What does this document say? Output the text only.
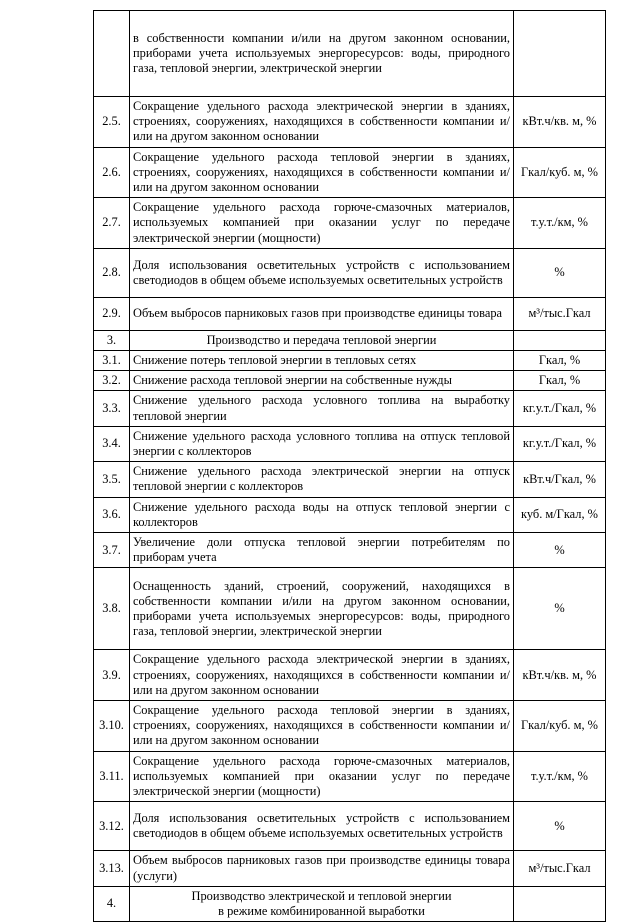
	в собственности компании и/или на другом законном основании, приборами учета используемых энергоресурсов: воды, природного газа, тепловой энергии, электрической энергии	

2.5.	Сокращение удельного расхода электрической энергии в зданиях, строениях, сооружениях, находящихся в собственности компании и/или на другом законном основании	кВт.ч/кв. м, %
2.6.	Сокращение удельного расхода тепловой энергии в зданиях, строениях, сооружениях, находящихся в собственности компании и/или на другом законном основании	Гкал/куб. м, %
2.7.	Сокращение удельного расхода горюче-смазочных материалов, используемых компанией при оказании услуг по передаче электрической энергии (мощности)	т.у.т./км, %
2.8.	Доля использования осветительных устройств с использованием светодиодов в общем объеме используемых осветительных устройств	%
2.9.	Объем выбросов парниковых газов при производстве единицы товара	м³/тыс.Гкал
3.	Производство и передача тепловой энергии	
3.1.	Снижение потерь тепловой энергии в тепловых сетях	Гкал, %
3.2.	Снижение расхода тепловой энергии на собственные нужды	Гкал, %
3.3.	Снижение удельного расхода условного топлива на выработку тепловой энергии	кг.у.т./Гкал, %
3.4.	Снижение удельного расхода условного топлива на отпуск тепловой энергии с коллекторов	кг.у.т./Гкал, %
3.5.	Снижение удельного расхода электрической энергии на отпуск тепловой энергии с коллекторов	кВт.ч/Гкал, %
3.6.	Снижение удельного расхода воды на отпуск тепловой энергии с коллекторов	куб. м/Гкал, %
3.7.	Увеличение доли отпуска тепловой энергии потребителям по приборам учета	%
3.8.	Оснащенность зданий, строений, сооружений, находящихся в собственности компании и/или на другом законном основании, приборами учета используемых энергоресурсов: воды, природного газа, тепловой энергии, электрической энергии	%
3.9.	Сокращение удельного расхода электрической энергии в зданиях, строениях, сооружениях, находящихся в собственности компании и/или на другом законном основании	кВт.ч/кв. м, %
3.10.	Сокращение удельного расхода тепловой энергии в зданиях, строениях, сооружениях, находящихся в собственности компании и/или на другом законном основании	Гкал/куб. м, %
3.11.	Сокращение удельного расхода горюче-смазочных материалов, используемых компанией при оказании услуг по передаче электрической энергии (мощности)	т.у.т./км, %
3.12.	Доля использования осветительных устройств с использованием светодиодов в общем объеме используемых осветительных устройств	%
3.13.	Объем выбросов парниковых газов при производстве единицы товара (услуги)	м³/тыс.Гкал
4.	Производство электрической и тепловой энергии
в режиме комбинированной выработки	
